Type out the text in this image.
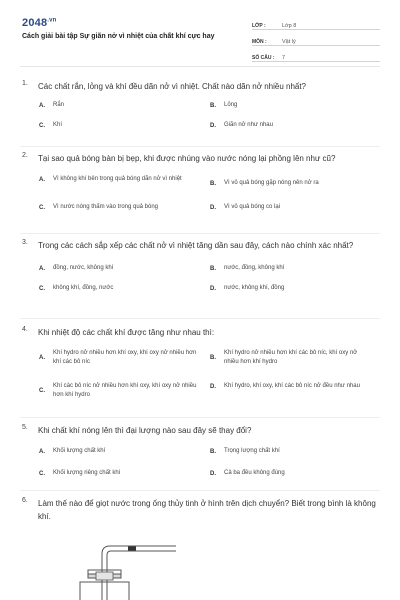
$2048^{.vn}$
Cách giải bài tập Sự giãn nở vì nhiệt của chất khí cực hay
LỚP :	Lớp 8
MÔN :	Vật lý
SỐ CÂU :	7
1.	Các chất rắn, lỏng và khí đều dãn nở vì nhiệt. Chất nào dãn nở nhiều nhất?
A.	Rắn	B.	Lỏng
C.	Khí	D.	Giãn nở như nhau
2.	Tại sao quả bóng bàn bị bẹp, khi được nhúng vào nước nóng lại phồng lên như cũ?
A.	Vì không khí bên trong quả bóng dãn nở vì nhiệt
B.	Vì vỏ quả bóng gặp nóng nên nở ra
C.	Vì nước nóng thấm vào trong quả bóng	D.	Vì vỏ quả bóng co lại
3.	Trong các cách sắp xếp các chất nở vì nhiệt tăng dần sau đây, cách nào chính xác nhất?
A.	đồng, nước, không khí	B.	nước, đồng, không khí
C.	không khí, đồng, nước	D.	nước, không khí, đồng
4.	Khi nhiệt độ các chất khí được tăng như nhau thì:
A.
Khí hydro nở nhiều hơn khí oxy, khí oxy nở nhiều hơn khí các bô níc
B.
Khí hydro nở nhiều hơn khí các bô níc, khí oxy nở nhiều hơn khí hydro
C.
Khí các bô níc nở nhiều hơn khí oxy, khí oxy nở nhiều hơn khí hydro
D.	Khí hydro, khí oxy, khí các bô níc nở đều như nhau
5.	Khi chất khí nóng lên thì đại lượng nào sau đây sẽ thay đổi?
A.	Khối lượng chất khí	B.	Trọng lượng chất khí
C.	Khối lượng riêng chất khí	D.	Cả ba đều không đúng
6.	Làm thế nào để giọt nước trong ống thủy tinh ở hình trên dịch chuyển? Biết trong bình là không khí.
